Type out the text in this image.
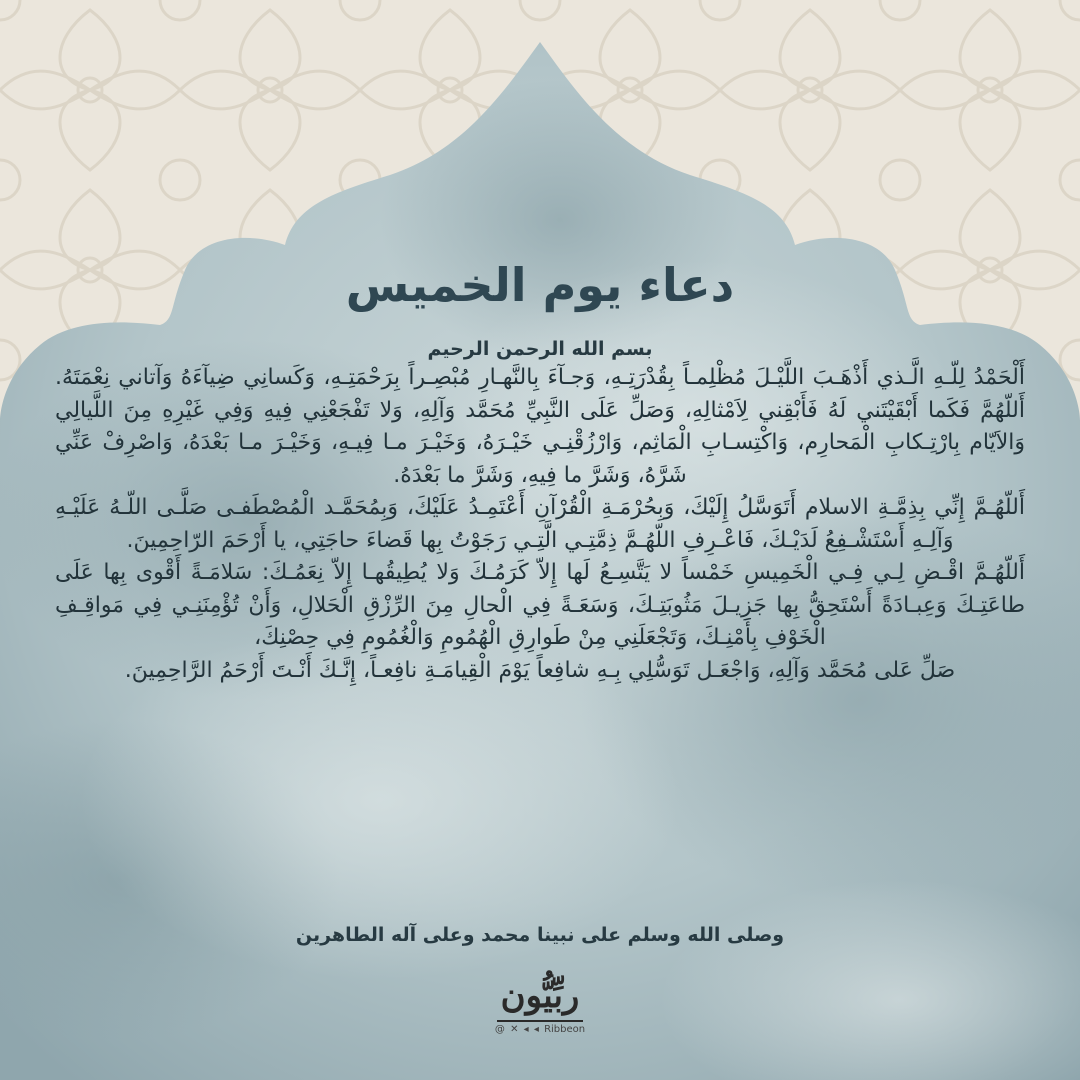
دعاء يوم الخميس
بسم الله الرحمن الرحيم

أَلْحَمْدُ لِلّـهِ الَّـذي أَذْهَـبَ اللَّيْـلَ مُظْلِمـاً بِقُدْرَتِـهِ، وَجـآءَ بِالنَّهـارِ مُبْصِـراً بِرَحْمَتِـهِ، وَكَسانِي ضِيآءَهُ وَآتاني نِعْمَتَهُ. أَللّهُمَّ فَكَما أَبْقَيْتَني لَهُ فَأَبْقِني لِاَمْثالِهِ، وَصَلِّ عَلَى النَّبِيِّ مُحَمَّد وَآلِهِ، وَلا تَفْجَعْنِي فِيهِ وَفِي غَيْرِهِ مِنَ اللَّيالِي وَالاَيّام بِارْتِـكابِ الْمَحارِم، وَاكْتِسـابِ الْمَاثِم، وَارْزُقْنِـي خَيْـرَهُ، وَخَيْـرَ مـا فِيـهِ، وَخَيْـرَ مـا بَعْدَهُ، وَاصْرِفْ عَنِّي شَرَّهُ، وَشَرَّ ما فِيهِ، وَشَرَّ ما بَعْدَهُ.

أَللّهُـمَّ إِنِّي بِذِمَّـةِ الاسلام أَتَوَسَّلُ إِلَيْكَ، وَبِحُرْمَـةِ الْقُرْآنِ أَعْتَمِـدُ عَلَيْكَ، وَبِمُحَمَّـد الْمُصْطَفـى صَلَّـى اللّـهُ عَلَيْـهِ وَآلِـهِ أَسْتَشْـفِعُ لَدَيْـكَ، فَاعْـرِفِ اللّهُـمَّ ذِمَّتِـي الَّتِـي رَجَوْتُ بِها قَضاءَ حاجَتِي، يا أَرْحَمَ الرّاحِمِينَ.

أَللّهُـمَّ اقْـضِ لِـي فِـي الْخَمِيسِ خَمْساً لا يَتَّسِـعُ لَها إِلاّ كَرَمُـكَ وَلا يُطِيقُهـا إِلاّ نِعَمُـكَ: سَلامَـةً أَقْوى بِها عَلَى طاعَتِـكَ وَعِبـادَةً أَسْتَحِقُّ بِها جَزِيـلَ مَثُوبَتِـكَ، وَسَعَـةً فِي الْحالِ مِنَ الرِّزْقِ الْحَلالِ، وَأَنْ تُؤْمِنَنِـي فِي مَواقِـفِ الْخَوْفِ بِأَمْنِـكَ، وَتَجْعَلَنِي مِنْ طَوارِقِ الْهُمُومِ وَالْغُمُومِ فِي حِصْنِكَ،

صَلِّ عَلى مُحَمَّد وَآلِهِ، وَاجْعَـل تَوَسُّلِي بِـهِ شافِعاً يَوْمَ الْقِيامَـةِ نافِعـاً، إِنَّـكَ أَنْـتَ أَرْحَمُ الرَّاحِمِينَ.

وصلى الله وسلم على نبينا محمد وعلى آله الطاهرين
ربِّيُّون
@ ✕ ◂ ◂ Ribbeon
